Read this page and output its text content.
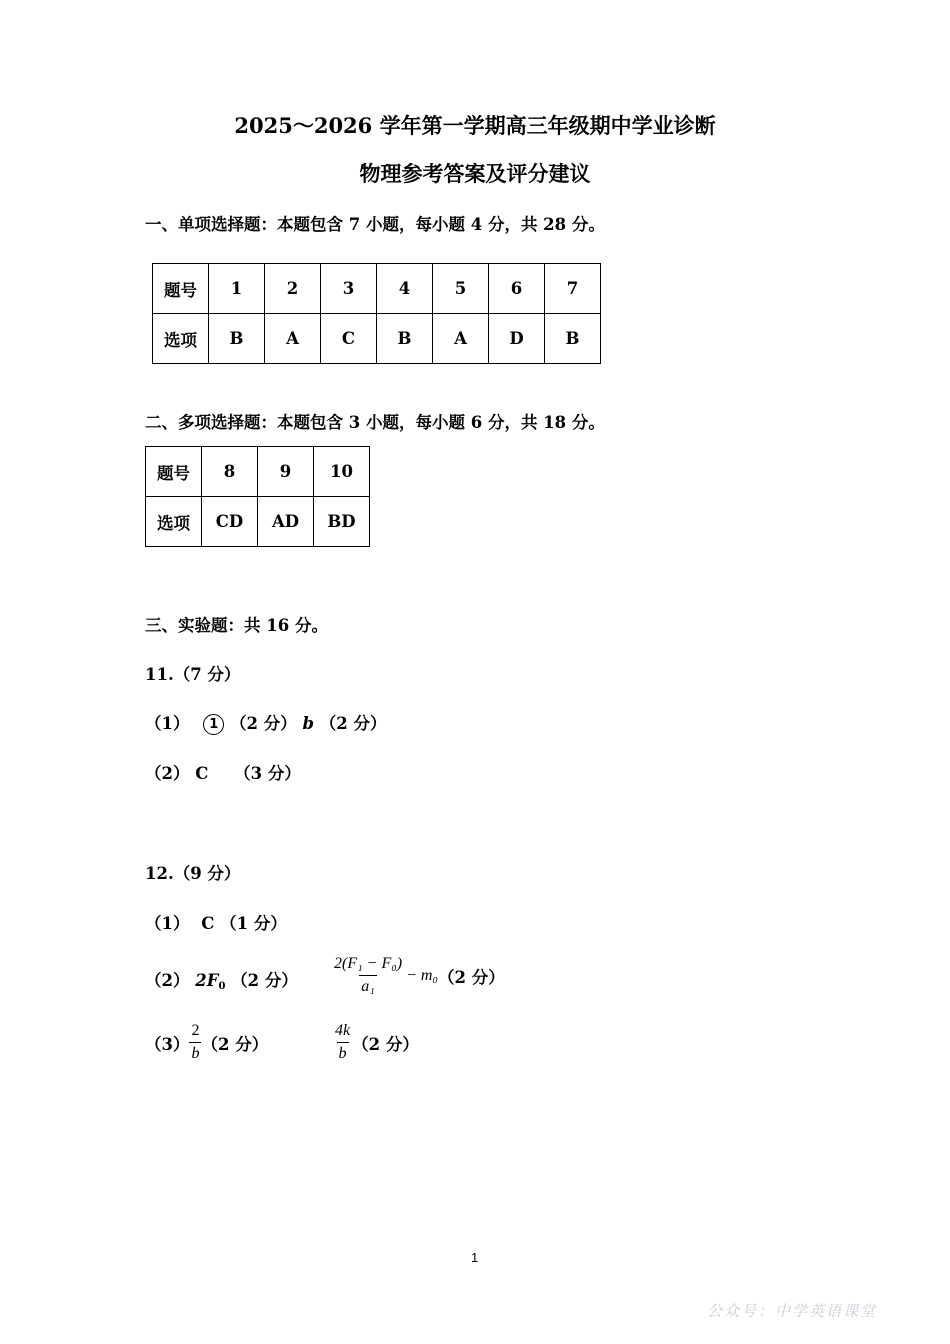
2025～2026 学年第一学期高三年级期中学业诊断
物理参考答案及评分建议
一、单项选择题：本题包含 7 小题，每小题 4 分，共 28 分。
题号	1	2	3	4	5	6	7
选项	B	A	C	B	A	D	B
二、多项选择题：本题包含 3 小题，每小题 6 分，共 18 分。
题号	8	9	10
选项	CD	AD	BD
三、实验题：共 16 分。
11.（7 分）
（1） 1 （2 分） b （2 分）
（2） C （3 分）
12.（9 分）
（1） C （1 分）
（2） $2F_0$ （2 分） $\frac{\text{2(F₁ − F₀)}}{\text{a₁}} - m_0$ （2 分）
$(3) \frac{2}{b} (2$ 分）	$\frac{4k}{b} (2$ 分）
1
公众号：中学英语课堂
